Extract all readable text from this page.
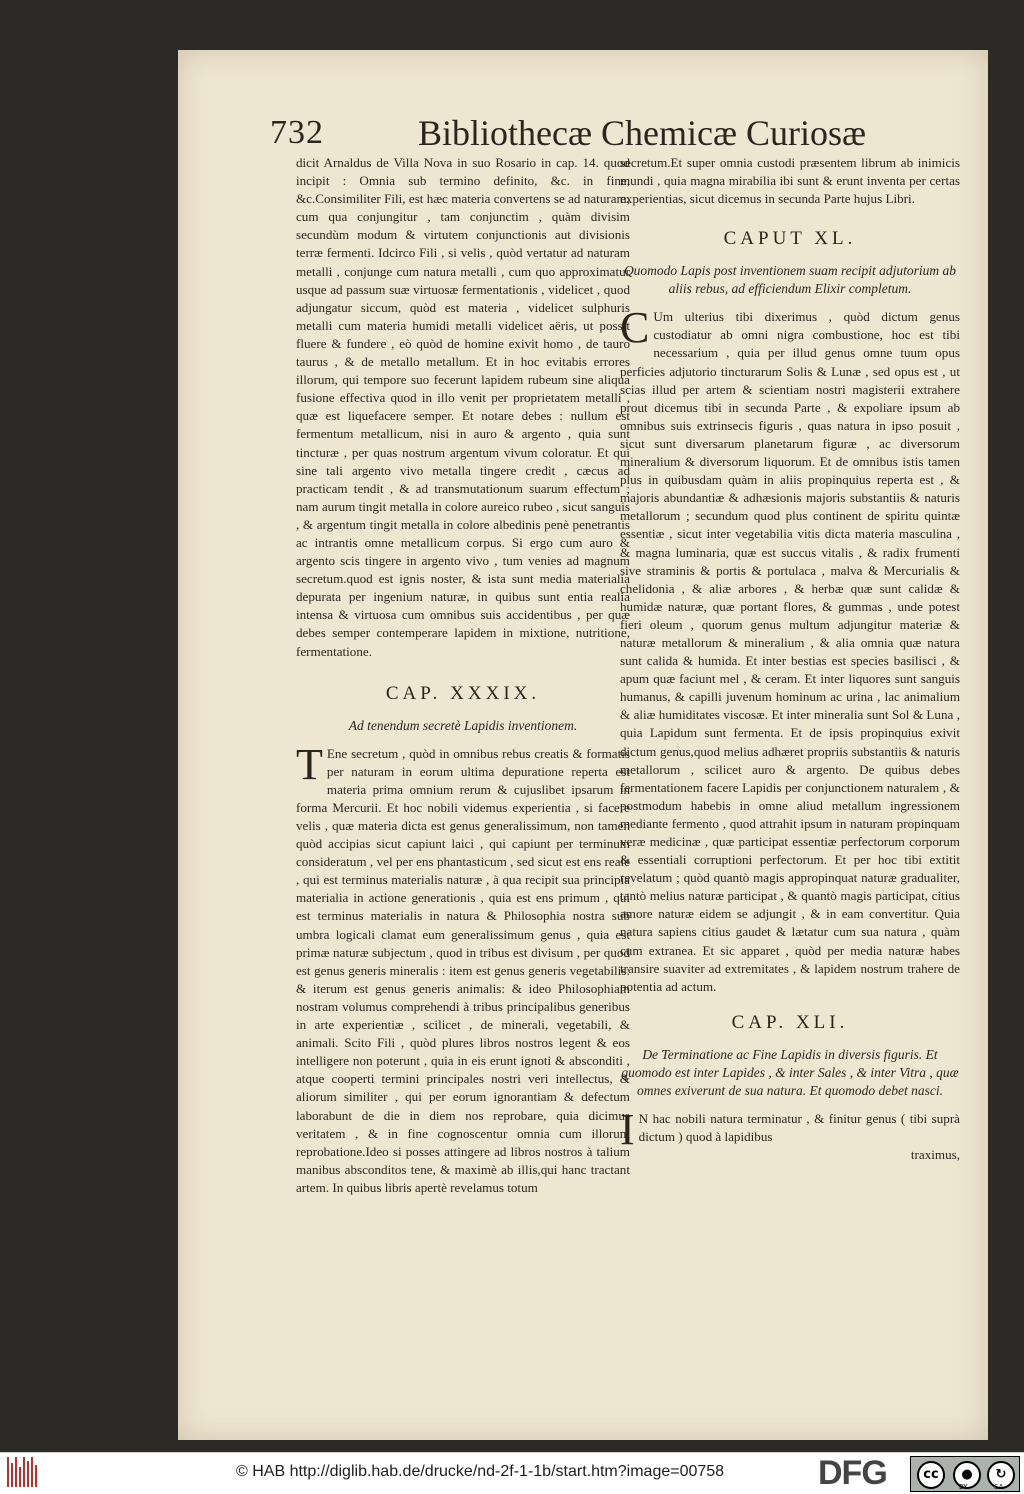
732	Bibliothecæ Chemicæ Curiosæ

dicit Arnaldus de Villa Nova in suo Rosario in cap. 14. quod incipit : Omnia sub termino definito, &c. in fine, &c.Consimiliter Fili, est hæc materia convertens se ad naturam, cum qua conjungitur , tam conjunctim , quàm divisim secundùm modum & virtutem conjunctionis aut divisionis terræ fermenti. Idcirco Fili , si velis , quòd vertatur ad naturam metalli , conjunge cum natura metalli , cum quo approximatur usque ad passum suæ virtuosæ fermentationis , videlicet , quod adjungatur siccum, quòd est materia , videlicet sulphuris metalli cum materia humidi metalli videlicet aëris, ut possit fluere & fundere , eò quòd de homine exivit homo , de tauro taurus , & de metallo metallum. Et in hoc evitabis errores illorum, qui tempore suo fecerunt lapidem rubeum sine aliqua fusione effectiva quod in illo venit per proprietatem metalli , quæ est liquefacere semper. Et notare debes : nullum est fermentum metallicum, nisi in auro & argento , quia sunt tincturæ , per quas nostrum argentum vivum coloratur. Et qui sine tali argento vivo metalla tingere credit , cæcus ad practicam tendit , & ad transmutationum suarum effectum ; nam aurum tingit metalla in colore aureico rubeo , sicut sanguis , & argentum tingit metalla in colore albedinis penè penetrantis ac intrantis omne metallicum corpus. Si ergo cum auro & argento scis tingere in argento vivo , tum venies ad magnum secretum.quod est ignis noster, & ista sunt media materialia depurata per ingenium naturæ, in quibus sunt entia realia intensa & virtuosa cum omnibus suis accidentibus , per quæ debes semper contemperare lapidem in mixtione, nutritione, fermentatione.

CAP. XXXIX.

Ad tenendum secretè Lapidis inventionem.

T Ene secretum , quòd in omnibus rebus creatis & formatis per naturam in eorum ultima depuratione reperta est materia prima omnium rerum & cujuslibet ipsarum in forma Mercurii. Et hoc nobili videmus experientia , si facere velis , quæ materia dicta est genus generalissimum, non tamen quòd accipias sicut capiunt laici , qui capiunt per terminum consideratum , vel per ens phantasticum , sed sicut est ens reale , qui est terminus materialis naturæ , à qua recipit sua principia materialia in actione generationis , quia est ens primum , qui est terminus materialis in natura & Philosophia nostra sub umbra logicali clamat eum generalissimum genus , quia est primæ naturæ subjectum , quod in tribus est divisum , per quod est genus generis mineralis : item est genus generis vegetabilis: & iterum est genus generis animalis: & ideo Philosophiam nostram volumus comprehendi à tribus principalibus generibus in arte experientiæ , scilicet , de minerali, vegetabili, & animali. Scito Fili , quòd plures libros nostros legent & eos intelligere non poterunt , quia in eis erunt ignoti & absconditi , atque cooperti termini principales nostri veri intellectus, & aliorum similiter , qui per eorum ignorantiam & defectum laborabunt de die in diem nos reprobare, quia dicimus veritatem , & in fine cognoscentur omnia cum illorum reprobatione.Ideo si posses attingere ad libros nostros à talium manibus absconditos tene, & maximè ab illis,qui hanc tractant artem. In quibus libris apertè revelamus totum

secretum.Et super omnia custodi præsentem librum ab inimicis mundi , quia magna mirabilia ibi sunt & erunt inventa per certas experientias, sicut dicemus in secunda Parte hujus Libri.

CAPUT XL.

Quomodo Lapis post inventionem suam recipit adjutorium ab aliis rebus, ad efficiendum Elixir completum.

C Um ulterius tibi dixerimus , quòd dictum genus custodiatur ab omni nigra combustione, hoc est tibi necessarium , quia per illud genus omne tuum opus perficies adjutorio tincturarum Solis & Lunæ , sed opus est , ut scias illud per artem & scientiam nostri magisterii extrahere prout dicemus tibi in secunda Parte , & expoliare ipsum ab omnibus suis extrinsecis figuris , quas natura in ipso posuit , sicut sunt diversarum planetarum figuræ , ac diversorum mineralium & diversorum liquorum. Et de omnibus istis tamen plus in quibusdam quàm in aliis propinquius reperta est , & majoris abundantiæ & adhæsionis majoris substantiis & naturis metallorum ; secundum quod plus continent de spiritu quintæ essentiæ , sicut inter vegetabilia vitis dicta materia masculina , & magna luminaria, quæ est succus vitalis , & radix frumenti sive straminis & portis & portulaca , malva & Mercurialis & chelidonia , & aliæ arbores , & herbæ quæ sunt calidæ & humidæ naturæ, quæ portant flores, & gummas , unde potest fieri oleum , quorum genus multum adjungitur materiæ & naturæ metallorum & mineralium , & alia omnia quæ natura sunt calida & humida. Et inter bestias est species basilisci , & apum quæ faciunt mel , & ceram. Et inter liquores sunt sanguis humanus, & capilli juvenum hominum ac urina , lac animalium & aliæ humiditates viscosæ. Et inter mineralia sunt Sol & Luna , quia Lapidum sunt fermenta. Et de ipsis propinquius exivit dictum genus,quod melius adhæret propriis substantiis & naturis metallorum , scilicet auro & argento. De quibus debes fermentationem facere Lapidis per conjunctionem naturalem , & postmodum habebis in omne aliud metallum ingressionem mediante fermento , quod attrahit ipsum in naturam propinquam veræ medicinæ , quæ participat essentiæ perfectorum corporum & essentiali corruptioni perfectorum. Et per hoc tibi extitit revelatum ; quòd quantò magis appropinquat naturæ gradualiter, tantò melius naturæ participat , & quantò magis participat, citius amore naturæ eidem se adjungit , & in eam convertitur. Quia natura sapiens citius gaudet & lætatur cum sua natura , quàm cum extranea. Et sic apparet , quòd per media naturæ habes transire suaviter ad extremitates , & lapidem nostrum trahere de potentia ad actum.

CAP. XLI.

De Terminatione ac Fine Lapidis in diversis figuris. Et quomodo est inter Lapides , & inter Sales , & inter Vitra , quæ omnes exiverunt de sua natura. Et quomodo debet nasci.

I N hac nobili natura terminatur , & finitur genus ( tibi suprà dictum ) quod à lapidibus

traximus,

© HAB http://diglib.hab.de/drucke/nd-2f-1-1b/start.htm?image=00758	DFG	cc	●	↻
BY	SA
